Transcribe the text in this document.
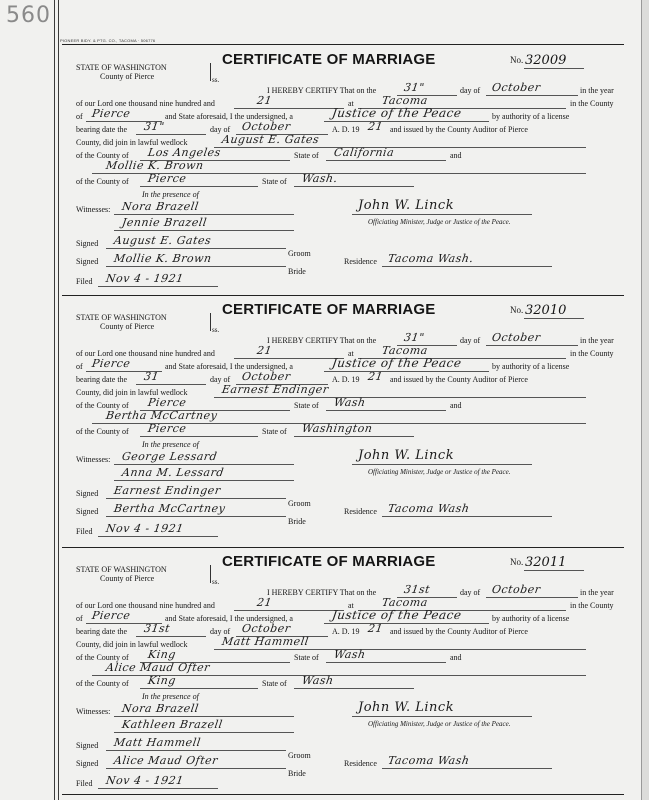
560
PIONEER BIDY. & PTG. CO., TACOMA · 506776
STATE OF WASHINGTON
County of Pierce	ss.
CERTIFICATE OF MARRIAGE	No. 32009
I HEREBY CERTIFY That on the 31"	day of October	in the year
of our Lord one thousand nine hundred and	21	at Tacoma	in the County
of Pierce	and State aforesaid, I the undersigned, a	Justice of the Peace	by authority of a license
bearing date the 31"	day of October	A. D. 19 21 and issued by the County Auditor of Pierce
County, did join in lawful wedlock	August E. Gates
of the County of Los Angeles	State of California	and
Mollie K. Brown
of the County of Pierce	State of Wash.
In the presence of
Witnesses: Nora Brazell
Jennie Brazell
John W. Linck
Officiating Minister, Judge or Justice of the Peace.
Signed August E. Gates
Groom
Signed Mollie K. Brown
Bride
Residence Tacoma Wash.
Filed Nov 4 - 1921
STATE OF WASHINGTON
County of Pierce	ss.
CERTIFICATE OF MARRIAGE	No. 32010
I HEREBY CERTIFY That on the 31"	day of October	in the year
of our Lord one thousand nine hundred and	21	at Tacoma	in the County
of Pierce	and State aforesaid, I the undersigned, a	Justice of the Peace	by authority of a license
bearing date the 31	day of October	A. D. 19 21 and issued by the County Auditor of Pierce
County, did join in lawful wedlock	Earnest Endinger
of the County of Pierce	State of Wash	and
Bertha McCartney
of the County of Pierce	State of Washington
In the presence of
Witnesses: George Lessard
Anna M. Lessard
John W. Linck
Officiating Minister, Judge or Justice of the Peace.
Signed Earnest Endinger
Groom
Signed Bertha McCartney
Bride
Residence Tacoma Wash
Filed Nov 4 - 1921
STATE OF WASHINGTON
County of Pierce	ss.
CERTIFICATE OF MARRIAGE	No. 32011
I HEREBY CERTIFY That on the 31st	day of October	in the year
of our Lord one thousand nine hundred and	21	at Tacoma	in the County
of Pierce	and State aforesaid, I the undersigned, a	Justice of the Peace	by authority of a license
bearing date the 31st	day of October	A. D. 19 21 and issued by the County Auditor of Pierce
County, did join in lawful wedlock	Matt Hammell
of the County of King	State of Wash	and
Alice Maud Ofter
of the County of King	State of Wash
In the presence of
Witnesses: Nora Brazell
Kathleen Brazell
John W. Linck
Officiating Minister, Judge or Justice of the Peace.
Signed Matt Hammell
Groom
Signed Alice Maud Ofter
Bride
Residence Tacoma Wash
Filed Nov 4 - 1921
